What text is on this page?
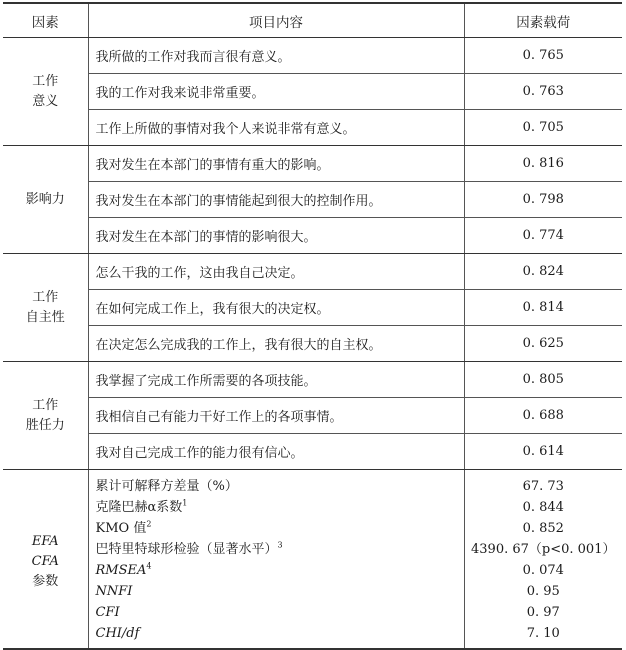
因素	项目内容	因素载荷

工作
意义	我所做的工作对我而言很有意义。	0. 765
	我的工作对我来说非常重要。	0. 763
	工作上所做的事情对我个人来说非常有意义。	0. 705

影响力	我对发生在本部门的事情有重大的影响。	0. 816
	我对发生在本部门的事情能起到很大的控制作用。	0. 798
	我对发生在本部门的事情的影响很大。	0. 774

工作
自主性	怎么干我的工作，这由我自己决定。	0. 824
	在如何完成工作上，我有很大的决定权。	0. 814
	在决定怎么完成我的工作上，我有很大的自主权。	0. 625

工作
胜任力	我掌握了完成工作所需要的各项技能。	0. 805
	我相信自己有能力干好工作上的各项事情。	0. 688
	我对自己完成工作的能力很有信心。	0. 614

EFA
CFA
参数	累计可解释方差量（%）	67. 73
	克隆巴赫α系数$^1$	0. 844
	KMO 值$^2$	0. 852
	巴特里特球形检验（显著水平）$^3$	4390. 67（p<0. 001）
	RMSEA$^4$	0. 074
	NNFI	0. 95
	CFI	0. 97
	CHI/df	7. 10
